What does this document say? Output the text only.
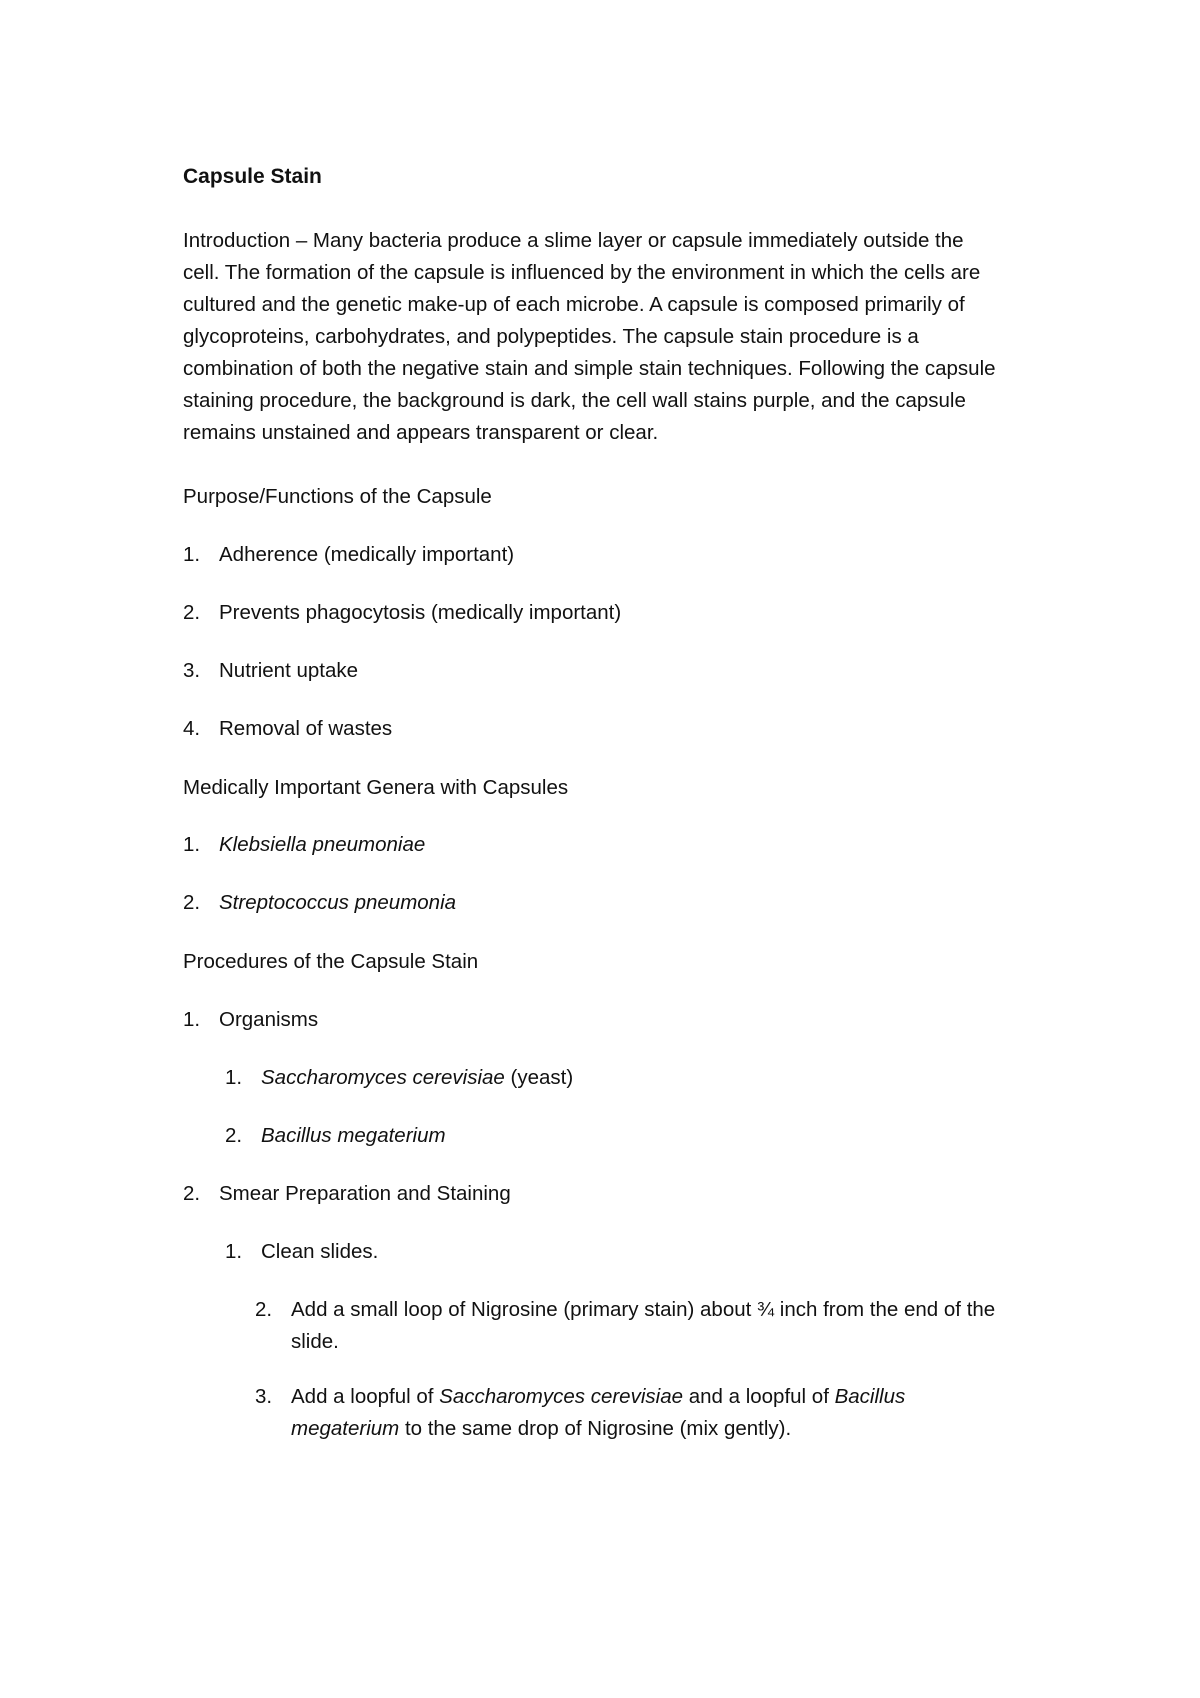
Capsule Stain

Introduction – Many bacteria produce a slime layer or capsule immediately outside the cell. The formation of the capsule is influenced by the environment in which the cells are cultured and the genetic make-up of each microbe. A capsule is composed primarily of glycoproteins, carbohydrates, and polypeptides. The capsule stain procedure is a combination of both the negative stain and simple stain techniques. Following the capsule staining procedure, the background is dark, the cell wall stains purple, and the capsule remains unstained and appears transparent or clear.

Purpose/Functions of the Capsule
1. Adherence (medically important)
2. Prevents phagocytosis (medically important)
3. Nutrient uptake
4. Removal of wastes
Medically Important Genera with Capsules
1. Klebsiella pneumoniae
2. Streptococcus pneumonia
Procedures of the Capsule Stain
1. Organisms
1. Saccharomyces cerevisiae (yeast)
2. Bacillus megaterium
2. Smear Preparation and Staining
1. Clean slides.
2. Add a small loop of Nigrosine (primary stain) about ¾ inch from the end of the
slide.
3. Add a loopful of Saccharomyces cerevisiae and a loopful of Bacillus
megaterium to the same drop of Nigrosine (mix gently).
